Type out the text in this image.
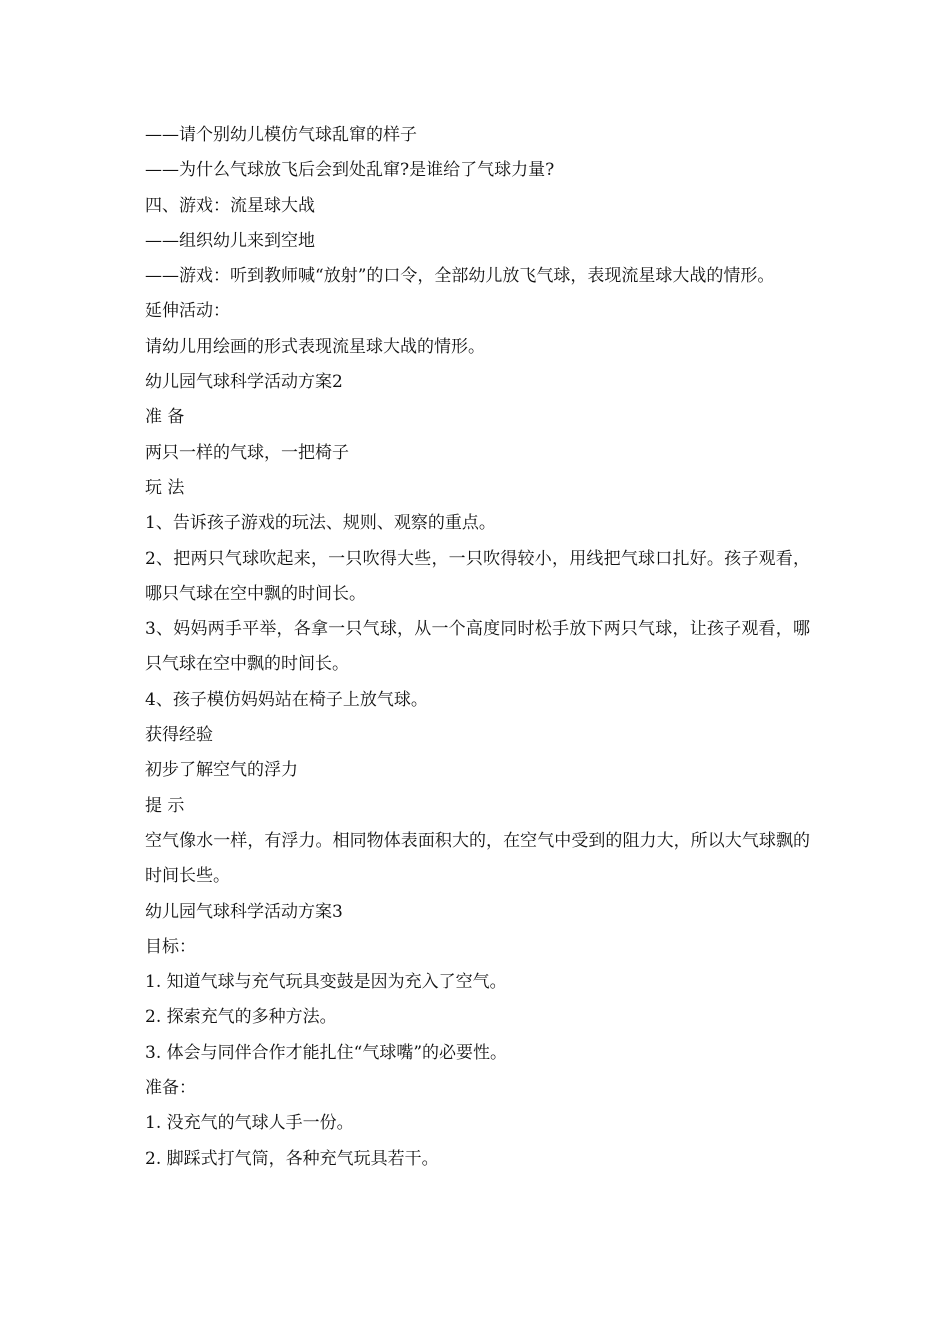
——请个别幼儿模仿气球乱窜的样子

——为什么气球放飞后会到处乱窜?是谁给了气球力量?

四、游戏：流星球大战

——组织幼儿来到空地

——游戏：听到教师喊“放射”的口令，全部幼儿放飞气球，表现流星球大战的情形。

延伸活动：

请幼儿用绘画的形式表现流星球大战的情形。

幼儿园气球科学活动方案2

准 备

两只一样的气球，一把椅子

玩 法

1、告诉孩子游戏的玩法、规则、观察的重点。

2、把两只气球吹起来，一只吹得大些，一只吹得较小，用线把气球口扎好。孩子观看，哪只气球在空中飘的时间长。

3、妈妈两手平举，各拿一只气球，从一个高度同时松手放下两只气球，让孩子观看，哪只气球在空中飘的时间长。

4、孩子模仿妈妈站在椅子上放气球。

获得经验

初步了解空气的浮力

提 示

空气像水一样，有浮力。相同物体表面积大的，在空气中受到的阻力大，所以大气球飘的时间长些。

幼儿园气球科学活动方案3

目标：

1. 知道气球与充气玩具变鼓是因为充入了空气。

2. 探索充气的多种方法。

3. 体会与同伴合作才能扎住“气球嘴”的必要性。

准备：

1. 没充气的气球人手一份。

2. 脚踩式打气筒，各种充气玩具若干。
